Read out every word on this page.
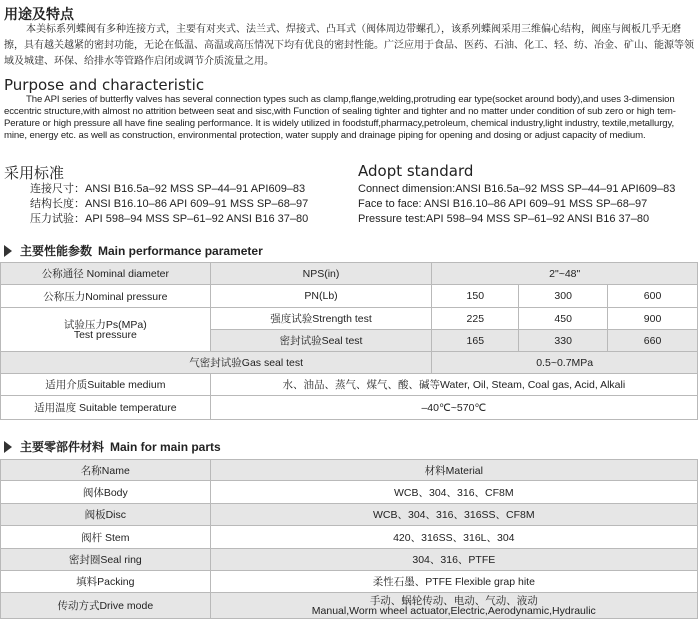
用途及特点
本美标系列蝶阀有多种连接方式，主要有对夹式、法兰式、焊接式、凸耳式（阀体周边带螺孔），该系列蝶阀采用三维偏心结构，阀座与阀板几乎无磨擦，具有越关越紧的密封功能，无论在低温、高温或高压情况下均有优良的密封性能。广泛应用于食品、医药、石油、化工、轻、纺、冶金、矿山、能源等领域及城建、环保、给排水等管路作启闭或调节介质流量之用。
Purpose and characteristic
The API series of butterfly valves has several connection types such as clamp,flange,welding,protruding ear type(socket around body),and uses 3-dimension eccentric structure,with almost no attrition between seat and sisc,with Function of sealing tighter and tighter and no matter under condition of sub zero or high tem-Perature or high pressure all have fine sealing performance. It is widely utilized in foodstuff,pharmacy,petroleum, chemical industry,light industry, textile,metallurgy, mine, energy etc. as well as construction, environmental protection, water supply and drainage piping for opening and dosing or adjust capacity of medium.
采用标准
连接尺寸：ANSI B16.5a–92 MSS SP–44–91 API609–83
结构长度：ANSI B16.10–86 API 609–91 MSS SP–68–97
压力试验：API 598–94 MSS SP–61–92 ANSI B16 37–80
Adopt standard
Connect dimension:ANSI B16.5a–92 MSS SP–44–91 API609–83
Face to face: ANSI B16.10–86 API 609–91 MSS SP–68–97
Pressure test:API 598–94 MSS SP–61–92 ANSI B16 37–80
主要性能参数 Main performance parameter
公称通径 Nominal diameter	NPS(in)	2"~48"		
公称压力Nominal pressure	PN(Lb)	150	300	600

试验压力Ps(MPa)
Test pressure	强度试验Strength test	225	450	900
	密封试验Seal test	165	330	660
气密封试验Gas seal test		0.5~0.7MPa		
适用介质Suitable medium	水、油品、蒸气、煤气、酸、碱等Water, Oil, Steam, Coal gas, Acid, Alkali			
适用温度 Suitable temperature	–40℃~570℃			
主要零部件材料 Main for main parts
名称Name	材料Material
阀体Body	WCB、304、316、CF8M
阀板Disc	WCB、304、316、316SS、CF8M
阀杆 Stem	420、316SS、316L、304
密封圈Seal ring	304、316、PTFE
填料Packing	柔性石墨、PTFE Flexible grap hite
传动方式Drive mode	手动、蜗轮传动、电动、气动、液动
Manual,Worm wheel actuator,Electric,Aerodynamic,Hydraulic
